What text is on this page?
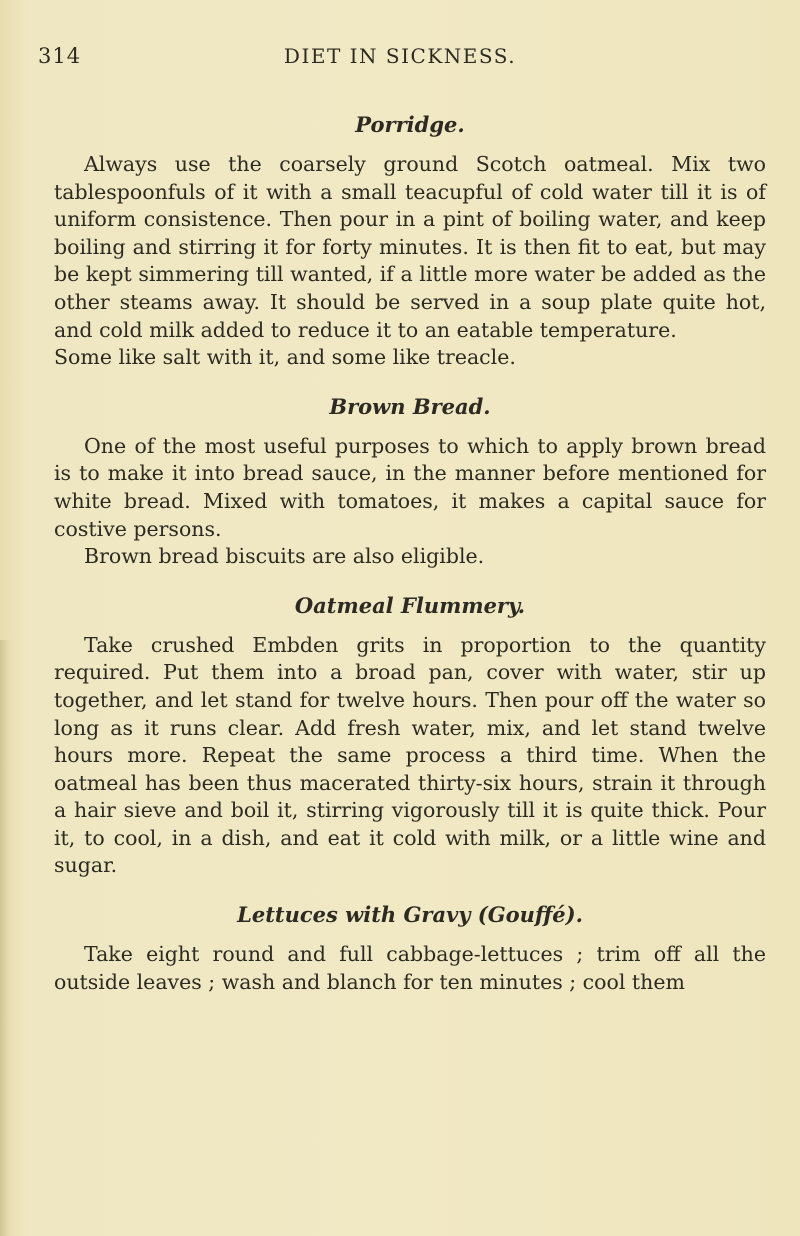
314	DIET IN SICKNESS.
Porridge.

Always use the coarsely ground Scotch oatmeal. Mix two tablespoonfuls of it with a small teacupful of cold water till it is of uniform consistence. Then pour in a pint of boiling water, and keep boiling and stirring it for forty minutes. It is then fit to eat, but may be kept simmering till wanted, if a little more water be added as the other steams away. It should be served in a soup plate quite hot, and cold milk added to reduce it to an eatable temperature.

Some like salt with it, and some like treacle.

Brown Bread.

One of the most useful purposes to which to apply brown bread is to make it into bread sauce, in the manner before mentioned for white bread. Mixed with tomatoes, it makes a capital sauce for costive persons.

Brown bread biscuits are also eligible.

Oatmeal Flummery.

Take crushed Embden grits in proportion to the quantity required. Put them into a broad pan, cover with water, stir up together, and let stand for twelve hours. Then pour off the water so long as it runs clear. Add fresh water, mix, and let stand twelve hours more. Repeat the same process a third time. When the oatmeal has been thus macerated thirty-six hours, strain it through a hair sieve and boil it, stirring vigorously till it is quite thick. Pour it, to cool, in a dish, and eat it cold with milk, or a little wine and sugar.

Lettuces with Gravy (Gouffé).

Take eight round and full cabbage-lettuces ; trim off all the outside leaves ; wash and blanch for ten minutes ; cool them
